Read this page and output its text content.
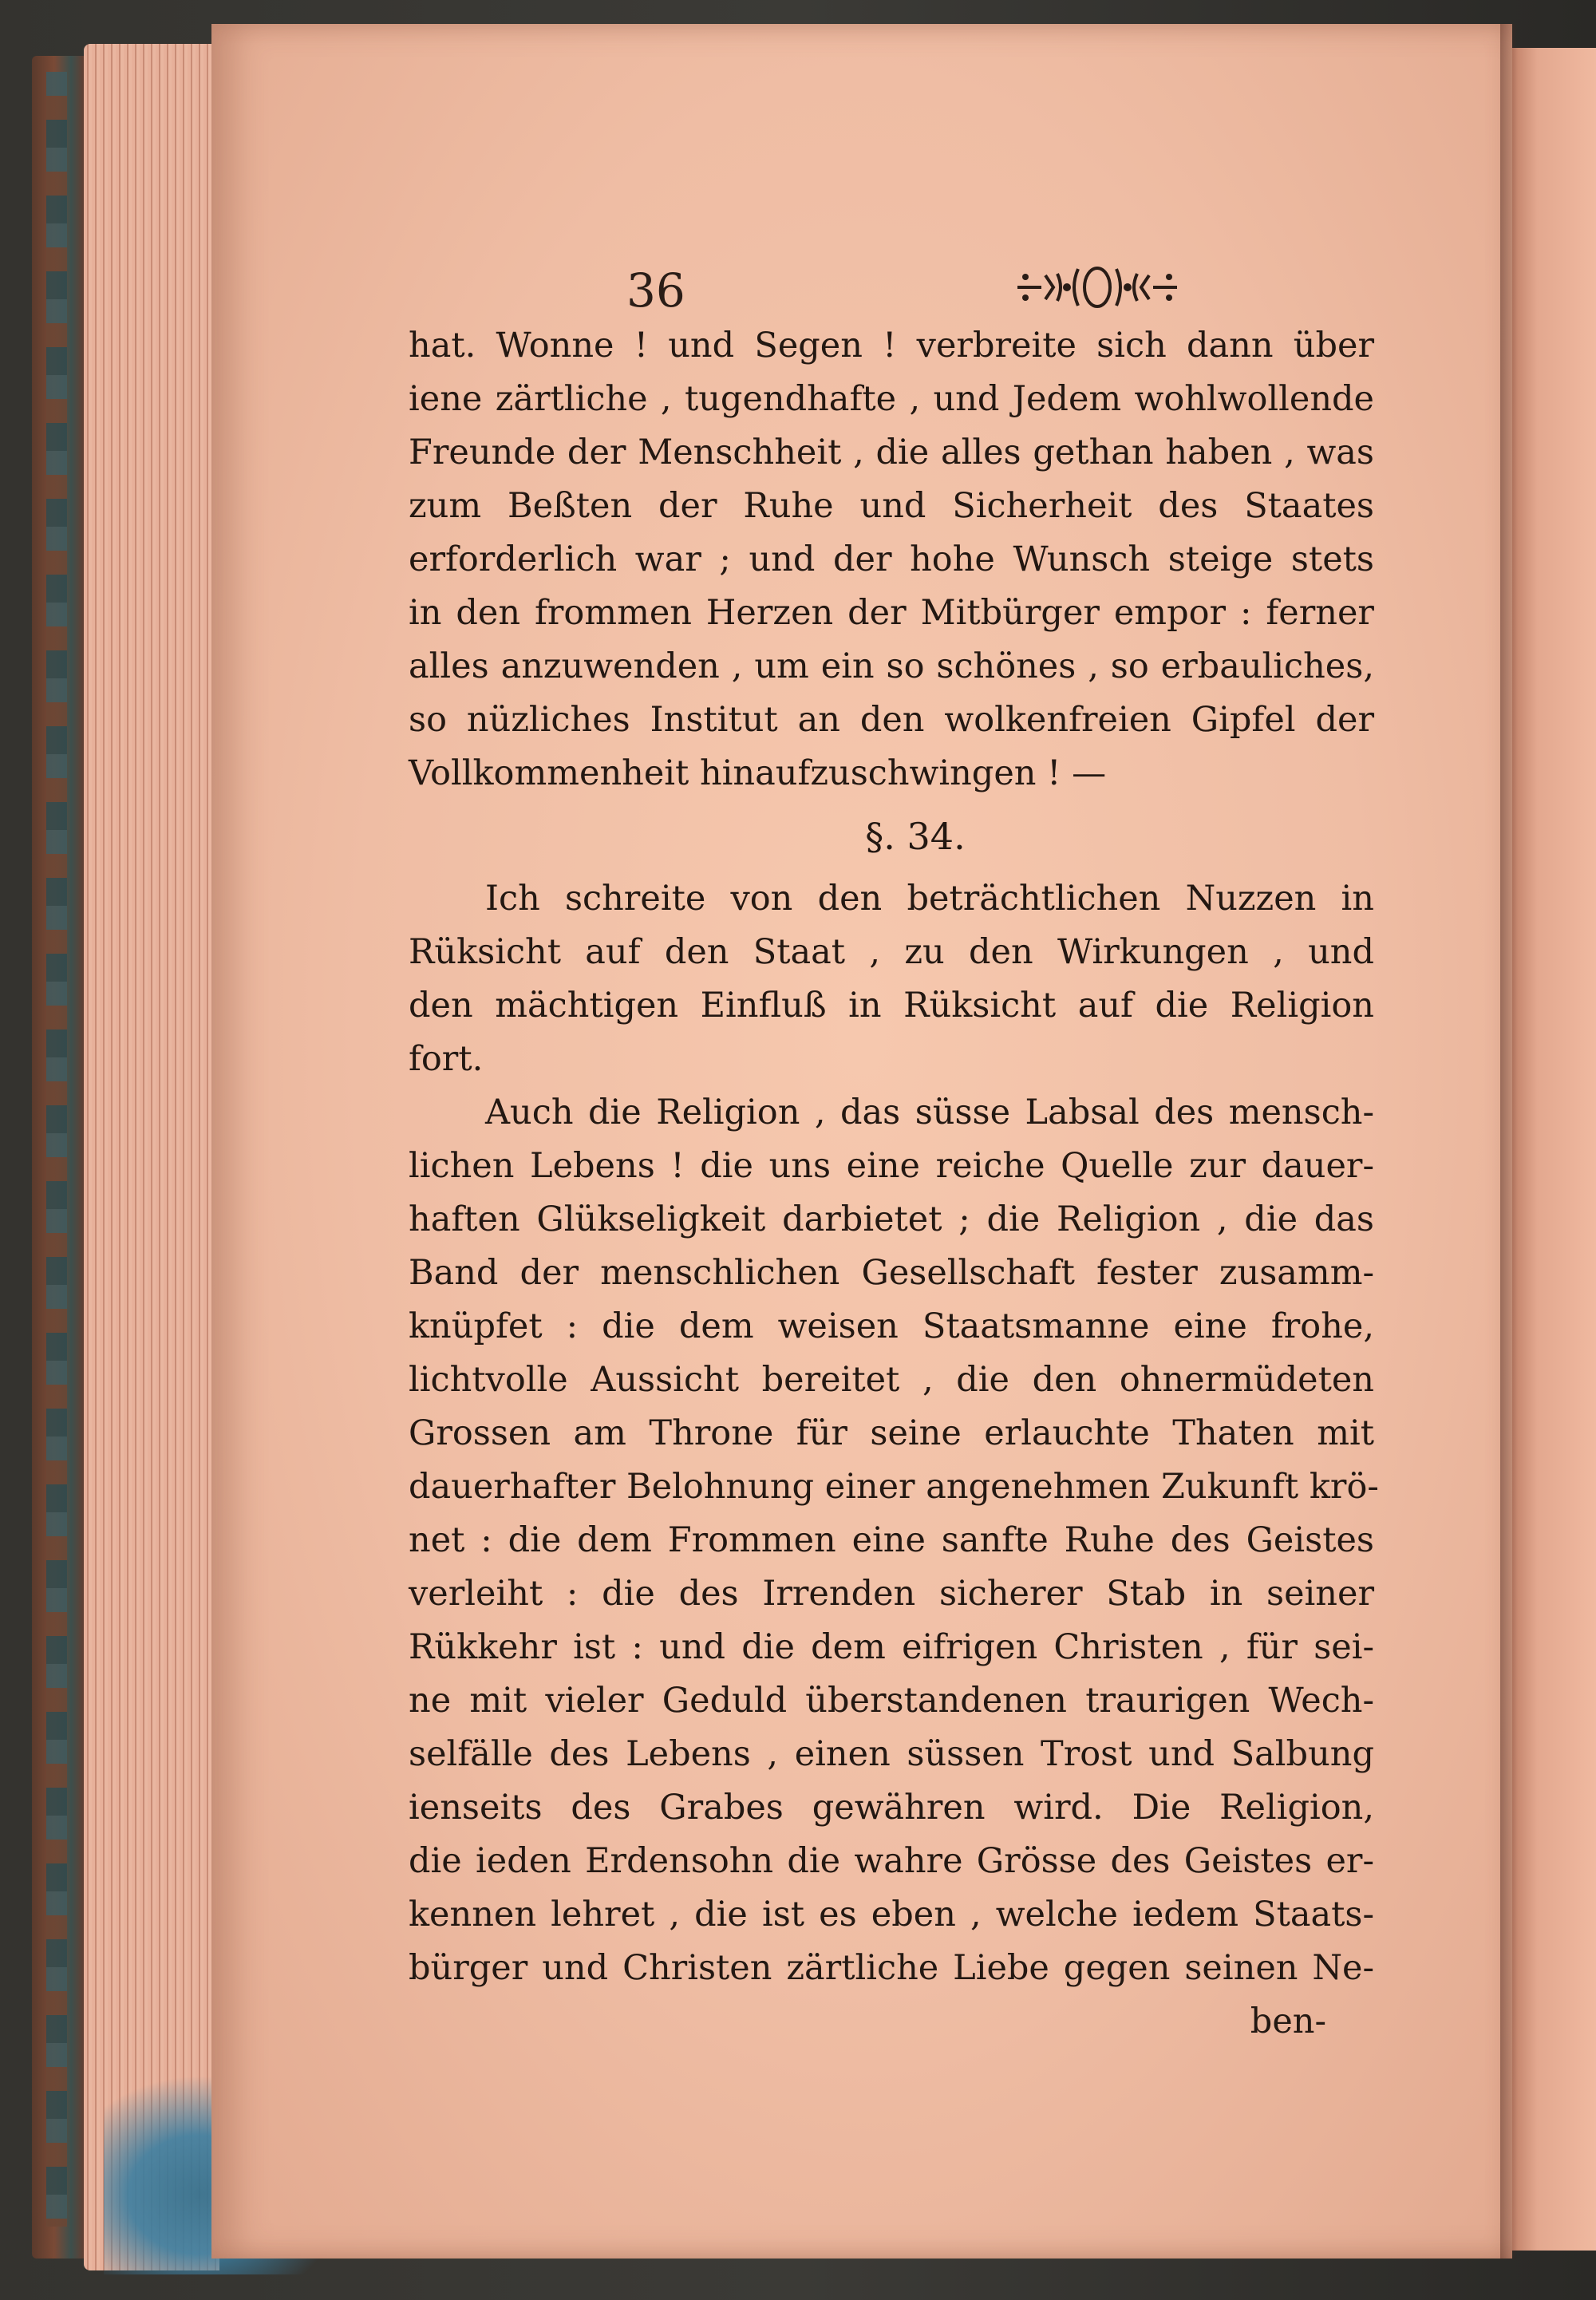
36
hat. Wonne ! und Segen ! verbreite sich dann über
iene zärtliche , tugendhafte , und Jedem wohlwollende
Freunde der Menschheit , die alles gethan haben , was
zum Beßten der Ruhe und Sicherheit des Staates
erforderlich war ; und der hohe Wunsch steige stets
in den frommen Herzen der Mitbürger empor : ferner
alles anzuwenden , um ein so schönes , so erbauliches,
so nüzliches Institut an den wolkenfreien Gipfel der
Vollkommenheit hinaufzuschwingen ! —
§. 34.
Ich schreite von den beträchtlichen Nuzzen in
Rüksicht auf den Staat , zu den Wirkungen , und
den mächtigen Einfluß in Rüksicht auf die Religion
fort.
Auch die Religion , das süsse Labsal des mensch-
lichen Lebens ! die uns eine reiche Quelle zur dauer-
haften Glükseligkeit darbietet ; die Religion , die das
Band der menschlichen Gesellschaft fester zusamm-
knüpfet : die dem weisen Staatsmanne eine frohe,
lichtvolle Aussicht bereitet , die den ohnermüdeten
Grossen am Throne für seine erlauchte Thaten mit
dauerhafter Belohnung einer angenehmen Zukunft krö-
net : die dem Frommen eine sanfte Ruhe des Geistes
verleiht : die des Irrenden sicherer Stab in seiner
Rükkehr ist : und die dem eifrigen Christen , für sei-
ne mit vieler Geduld überstandenen traurigen Wech-
selfälle des Lebens , einen süssen Trost und Salbung
ienseits des Grabes gewähren wird. Die Religion,
die ieden Erdensohn die wahre Grösse des Geistes er-
kennen lehret , die ist es eben , welche iedem Staats-
bürger und Christen zärtliche Liebe gegen seinen Ne-
ben-
